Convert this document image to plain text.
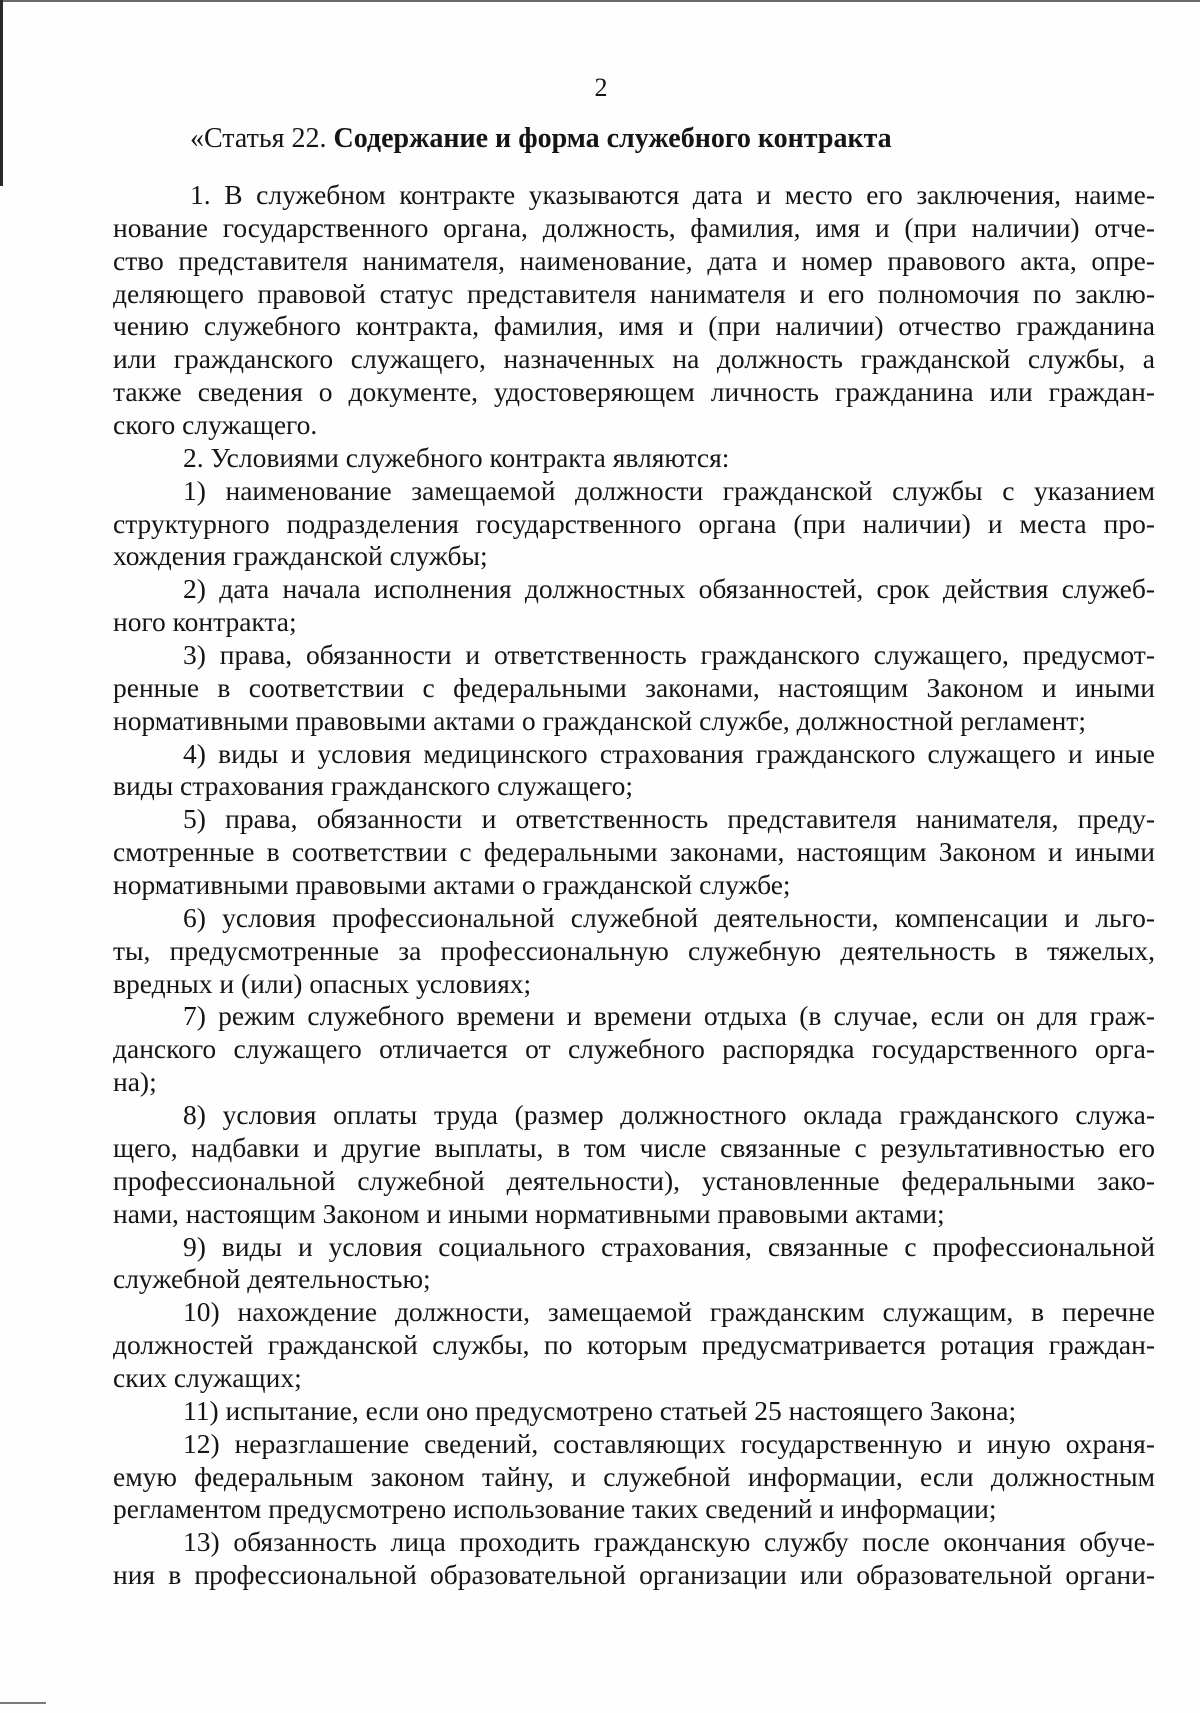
2
«Статья 22. Содержание и форма служебного контракта
1. В служебном контракте указываются дата и место его заключения, наиме-
нование государственного органа, должность, фамилия, имя и (при наличии) отче-
ство представителя нанимателя, наименование, дата и номер правового акта, опре-
деляющего правовой статус представителя нанимателя и его полномочия по заклю-
чению служебного контракта, фамилия, имя и (при наличии) отчество гражданина
или гражданского служащего, назначенных на должность гражданской службы, а
также сведения о документе, удостоверяющем личность гражданина или граждан-
ского служащего.
2. Условиями служебного контракта являются:
1) наименование замещаемой должности гражданской службы с указанием
структурного подразделения государственного органа (при наличии) и места про-
хождения гражданской службы;
2) дата начала исполнения должностных обязанностей, срок действия служеб-
ного контракта;
3) права, обязанности и ответственность гражданского служащего, предусмот-
ренные в соответствии с федеральными законами, настоящим Законом и иными
нормативными правовыми актами о гражданской службе, должностной регламент;
4) виды и условия медицинского страхования гражданского служащего и иные
виды страхования гражданского служащего;
5) права, обязанности и ответственность представителя нанимателя, преду-
смотренные в соответствии с федеральными законами, настоящим Законом и иными
нормативными правовыми актами о гражданской службе;
6) условия профессиональной служебной деятельности, компенсации и льго-
ты, предусмотренные за профессиональную служебную деятельность в тяжелых,
вредных и (или) опасных условиях;
7) режим служебного времени и времени отдыха (в случае, если он для граж-
данского служащего отличается от служебного распорядка государственного орга-
на);
8) условия оплаты труда (размер должностного оклада гражданского служа-
щего, надбавки и другие выплаты, в том числе связанные с результативностью его
профессиональной служебной деятельности), установленные федеральными зако-
нами, настоящим Законом и иными нормативными правовыми актами;
9) виды и условия социального страхования, связанные с профессиональной
служебной деятельностью;
10) нахождение должности, замещаемой гражданским служащим, в перечне
должностей гражданской службы, по которым предусматривается ротация граждан-
ских служащих;
11) испытание, если оно предусмотрено статьей 25 настоящего Закона;
12) неразглашение сведений, составляющих государственную и иную охраня-
емую федеральным законом тайну, и служебной информации, если должностным
регламентом предусмотрено использование таких сведений и информации;
13) обязанность лица проходить гражданскую службу после окончания обуче-
ния в профессиональной образовательной организации или образовательной органи-
